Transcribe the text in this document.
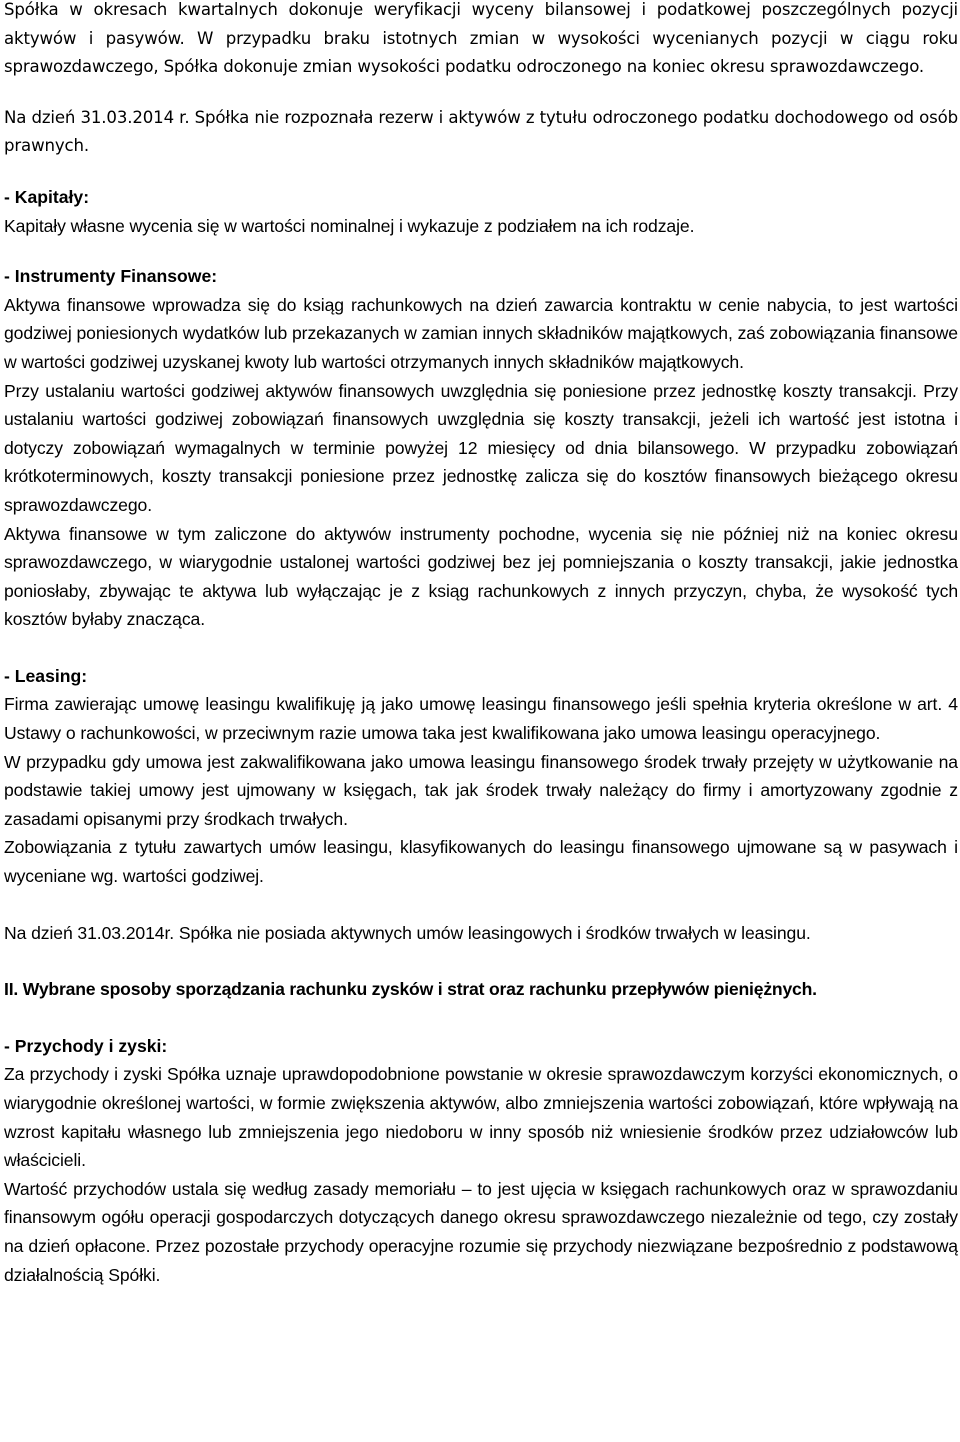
Spółka w okresach kwartalnych dokonuje weryfikacji wyceny bilansowej i podatkowej poszczególnych pozycji aktywów i pasywów. W przypadku braku istotnych zmian w wysokości wycenianych pozycji w ciągu roku sprawozdawczego, Spółka dokonuje zmian wysokości podatku odroczonego na koniec okresu sprawozdawczego.

Na dzień 31.03.2014 r. Spółka nie rozpoznała rezerw i aktywów z tytułu odroczonego podatku dochodowego od osób prawnych.

- Kapitały:

Kapitały własne wycenia się w wartości nominalnej i wykazuje z podziałem na ich rodzaje.

- Instrumenty Finansowe:

Aktywa finansowe wprowadza się do ksiąg rachunkowych na dzień zawarcia kontraktu w cenie nabycia, to jest wartości godziwej poniesionych wydatków lub przekazanych w zamian innych składników majątkowych, zaś zobowiązania finansowe w wartości godziwej uzyskanej kwoty lub wartości otrzymanych innych składników majątkowych.

Przy ustalaniu wartości godziwej aktywów finansowych uwzględnia się poniesione przez jednostkę koszty transakcji. Przy ustalaniu wartości godziwej zobowiązań finansowych uwzględnia się koszty transakcji, jeżeli ich wartość jest istotna i dotyczy zobowiązań wymagalnych w terminie powyżej 12 miesięcy od dnia bilansowego. W przypadku zobowiązań krótkoterminowych, koszty transakcji poniesione przez jednostkę zalicza się do kosztów finansowych bieżącego okresu sprawozdawczego.

Aktywa finansowe w tym zaliczone do aktywów instrumenty pochodne, wycenia się nie później niż na koniec okresu sprawozdawczego, w wiarygodnie ustalonej wartości godziwej bez jej pomniejszania o koszty transakcji, jakie jednostka poniosłaby, zbywając te aktywa lub wyłączając je z ksiąg rachunkowych z innych przyczyn, chyba, że wysokość tych kosztów byłaby znacząca.

- Leasing:

Firma zawierając umowę leasingu kwalifikuję ją jako umowę leasingu finansowego jeśli spełnia kryteria określone w art. 4 Ustawy o rachunkowości, w przeciwnym razie umowa taka jest kwalifikowana jako umowa leasingu operacyjnego.

W przypadku gdy umowa jest zakwalifikowana jako umowa leasingu finansowego środek trwały przejęty w użytkowanie na podstawie takiej umowy jest ujmowany w księgach, tak jak środek trwały należący do firmy i amortyzowany zgodnie z zasadami opisanymi przy środkach trwałych.

Zobowiązania z tytułu zawartych umów leasingu, klasyfikowanych do leasingu finansowego ujmowane są w pasywach i wyceniane wg. wartości godziwej.

Na dzień 31.03.2014r. Spółka nie posiada aktywnych umów leasingowych i środków trwałych w leasingu.

II. Wybrane sposoby sporządzania rachunku zysków i strat oraz rachunku przepływów pieniężnych.

- Przychody i zyski:

Za przychody i zyski Spółka uznaje uprawdopodobnione powstanie w okresie sprawozdawczym korzyści ekonomicznych, o wiarygodnie określonej wartości, w formie zwiększenia aktywów, albo zmniejszenia wartości zobowiązań, które wpływają na wzrost kapitału własnego lub zmniejszenia jego niedoboru w inny sposób niż wniesienie środków przez udziałowców lub właścicieli.

Wartość przychodów ustala się według zasady memoriału – to jest ujęcia w księgach rachunkowych oraz w sprawozdaniu finansowym ogółu operacji gospodarczych dotyczących danego okresu sprawozdawczego niezależnie od tego, czy zostały na dzień opłacone. Przez pozostałe przychody operacyjne rozumie się przychody niezwiązane bezpośrednio z podstawową działalnością Spółki.
